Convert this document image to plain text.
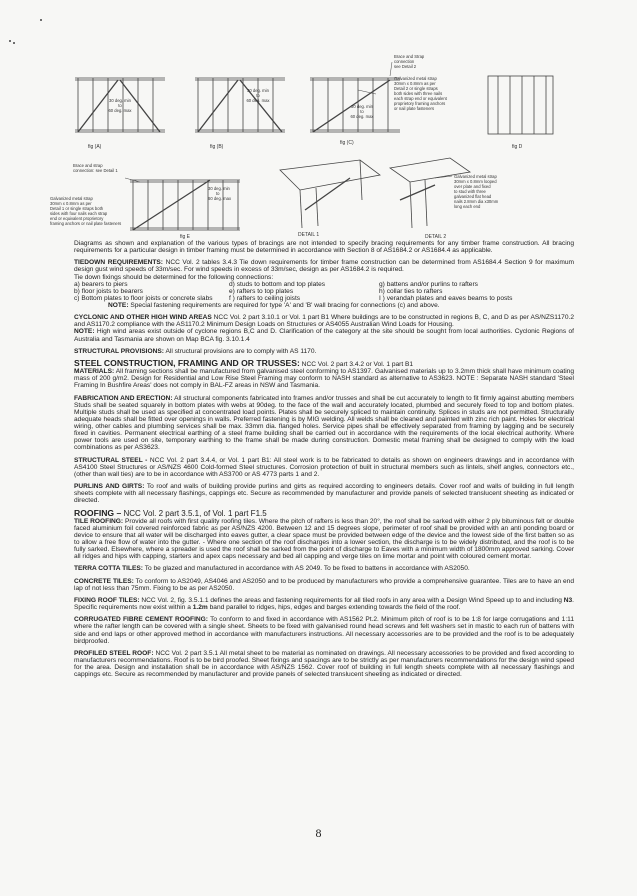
30 deg. min
to
60 deg. max
30 deg. min
to
60 deg. max
30 deg. min
to
60 deg. max
Brace and Strap
connection
see Detail 2
Galvanized metal strap
30mm x 0.8mm as per
Detail 2 or single straps
both sides with three nails
each strap end or equivalent
proprietory framing anchors
or nail plate fasteners
Brace and strap
connection: see Detail 1
30 deg. min
to
60 deg. max
Galvanized metal strap
30mm x 0.8mm as per
Detail 1 or single straps both
sides with four nails each strap
end or equivalent proprietory
framing anchors or nail plate fasteners
Galvanized metal strap
30mm x 0.8mm looped
over plate and fixed
to stud with three
galvanized flat head
nails 2.8mm dia x30mm
long each end
fig (A)	fig (B)
fig (C)
fig D
fig E	DETAIL 1	DETAIL 2

Diagrams as shown and explanation of the various types of bracings are not intended to specify bracing requirements for any timber frame construction. All bracing requirements for a particular design in timber framing must be determined in accordance with Section 8 of AS1684.2 or AS1684.4 as applicable.

TIEDOWN REQUIREMENTS: NCC Vol. 2 tables 3.4.3 Tie down requirements for timber frame construction can be determined from AS1684.4 Section 9 for maximum design gust wind speeds of 33m/sec. For wind speeds in excess of 33m/sec, design as per AS1684.2 is required.
Tie down fixings should be determined for the following connections:
a) bearers to piers	d) studs to bottom and top plates	g) battens and/or purlins to rafters
b) floor joists to bearers	e) rafters to top plates	h) collar ties to rafters
c) Bottom plates to floor joists or concrete slabs	f ) rafters to ceiling joists	I ) verandah plates and eaves beams to posts
NOTE: Special fastening requirements are required for type 'A' and 'B' wall bracing for connections (c) and above.

CYCLONIC AND OTHER HIGH WIND AREAS NCC Vol. 2 part 3.10.1 or Vol. 1 part B1 Where buildings are to be constructed in regions B, C, and D as per AS/NZS1170.2 and AS1170.2 compliance with the AS1170.2 Minimum Design Loads on Structures or AS4055 Australian Wind Loads for Housing.
NOTE: High wind areas exist outside of cyclone regions B,C and D. Clarification of the category at the site should be sought from local authorities. Cyclonic Regions of Australia and Tasmania are shown on Map BCA fig. 3.10.1.4

STRUCTURAL PROVISIONS: All structural provisions are to comply with AS 1170.

STEEL CONSTRUCTION, FRAMING AND OR TRUSSES: NCC Vol. 2 part 3.4.2 or Vol. 1 part B1
MATERIALS: All framing sections shall be manufactured from galvanised steel conforming to AS1397. Galvanised materials up to 3.2mm thick shall have minimum coating mass of 200 g/m2. Design for Residential and Low Rise Steel Framing may conform to NASH standard as alternative to AS3623. NOTE : Separate NASH standard 'Steel Framing In Bushfire Areas' does not comply in BAL-FZ areas in NSW and Tasmania.

FABRICATION AND ERECTION: All structural components fabricated into frames and/or trusses and shall be cut accurately to length to fit firmly against abutting members Studs shall be seated squarely in bottom plates with webs at 90deg. to the face of the wall and accurately located, plumbed and securely fixed to top and bottom plates. Multiple studs shall be used as specified at concentrated load points. Plates shall be securely spliced to maintain continuity. Splices in studs are not permitted. Structurally adequate heads shall be fitted over openings in walls. Preferred fastening is by MIG welding. All welds shall be cleaned and painted with zinc rich paint. Holes for electrical wiring, other cables and plumbing services shall be max. 33mm dia. flanged holes. Service pipes shall be effectively separated from framing by lagging and be securely fixed in cavities. Permanent electrical earthing of a steel frame building shall be carried out in accordance with the requirements of the local electrical authority. Where power tools are used on site, temporary earthing to the frame shall be made during construction. Domestic metal framing shall be designed to comply with the load combinations as per AS3623.

STRUCTURAL STEEL - NCC Vol. 2 part 3.4.4, or Vol. 1 part B1: All steel work is to be fabricated to details as shown on engineers drawings and in accordance with AS4100 Steel Structures or AS/NZS 4600 Cold-formed Steel structures. Corrosion protection of built in structural members such as lintels, shelf angles, connectors etc., (other than wall ties) are to be in accordance with AS3700 or AS 4773 parts 1 and 2.

PURLINS AND GIRTS: To roof and walls of building provide purlins and girts as required according to engineers details. Cover roof and walls of building in full length sheets complete with all necessary flashings, cappings etc. Secure as recommended by manufacturer and provide panels of selected translucent sheeting as indicated or directed.

ROOFING – NCC Vol. 2 part 3.5.1, of Vol. 1 part F1.5
TILE ROOFING: Provide all roofs with first quality roofing tiles. Where the pitch of rafters is less than 20°, the roof shall be sarked with either 2 ply bituminous felt or double faced aluminium foil covered reinforced fabric as per AS/NZS 4200. Between 12 and 15 degrees slope, perimeter of roof shall be provided with an anti ponding board or device to ensure that all water will be discharged into eaves gutter, a clear space must be provided between edge of the device and the lowest side of the first batten so as to allow a free flow of water into the gutter. - Where one section of the roof discharges into a lower section, the discharge is to be widely distributed, and the roof is to be fully sarked. Elsewhere, where a spreader is used the roof shall be sarked from the point of discharge to Eaves with a minimum width of 1800mm approved sarking. Cover all ridges and hips with capping, starters and apex caps necessary and bed all capping and verge tiles on lime mortar and point with coloured cement mortar.

TERRA COTTA TILES: To be glazed and manufactured in accordance with AS 2049. To be fixed to battens in accordance with AS2050.

CONCRETE TILES: To conform to AS2049, AS4046 and AS2050 and to be produced by manufacturers who provide a comprehensive guarantee. Tiles are to have an end lap of not less than 75mm. Fixing to be as per AS2050.

FIXING ROOF TILES: NCC Vol. 2, fig. 3.5.1.1 defines the areas and fastening requirements for all tiled roofs in any area with a Design Wind Speed up to and including N3. Specific requirements now exist within a 1.2m band parallel to ridges, hips, edges and barges extending towards the field of the roof.

CORRUGATED FIBRE CEMENT ROOFING: To conform to and fixed in accordance with AS1562 Pt.2. Minimum pitch of roof is to be 1:8 for large corrugations and 1:11 where the rafter length can be covered with a single sheet. Sheets to be fixed with galvanised round head screws and felt washers set in mastic to each run of battens with side and end laps or other approved method in accordance with manufacturers instructions. All necessary accessories are to be provided and the roof is to be adequately birdproofed.

PROFILED STEEL ROOF: NCC Vol. 2 part 3.5.1 All metal sheet to be material as nominated on drawings. All necessary accessories to be provided and fixed according to manufacturers recommendations. Roof is to be bird proofed. Sheet fixings and spacings are to be strictly as per manufacturers recommendations for the design wind speed for the area. Design and installation shall be in accordance with AS/NZS 1562. Cover roof of building in full length sheets complete with all necessary flashings and cappings etc. Secure as recommended by manufacturer and provide panels of selected translucent sheeting as indicated or directed.

8
